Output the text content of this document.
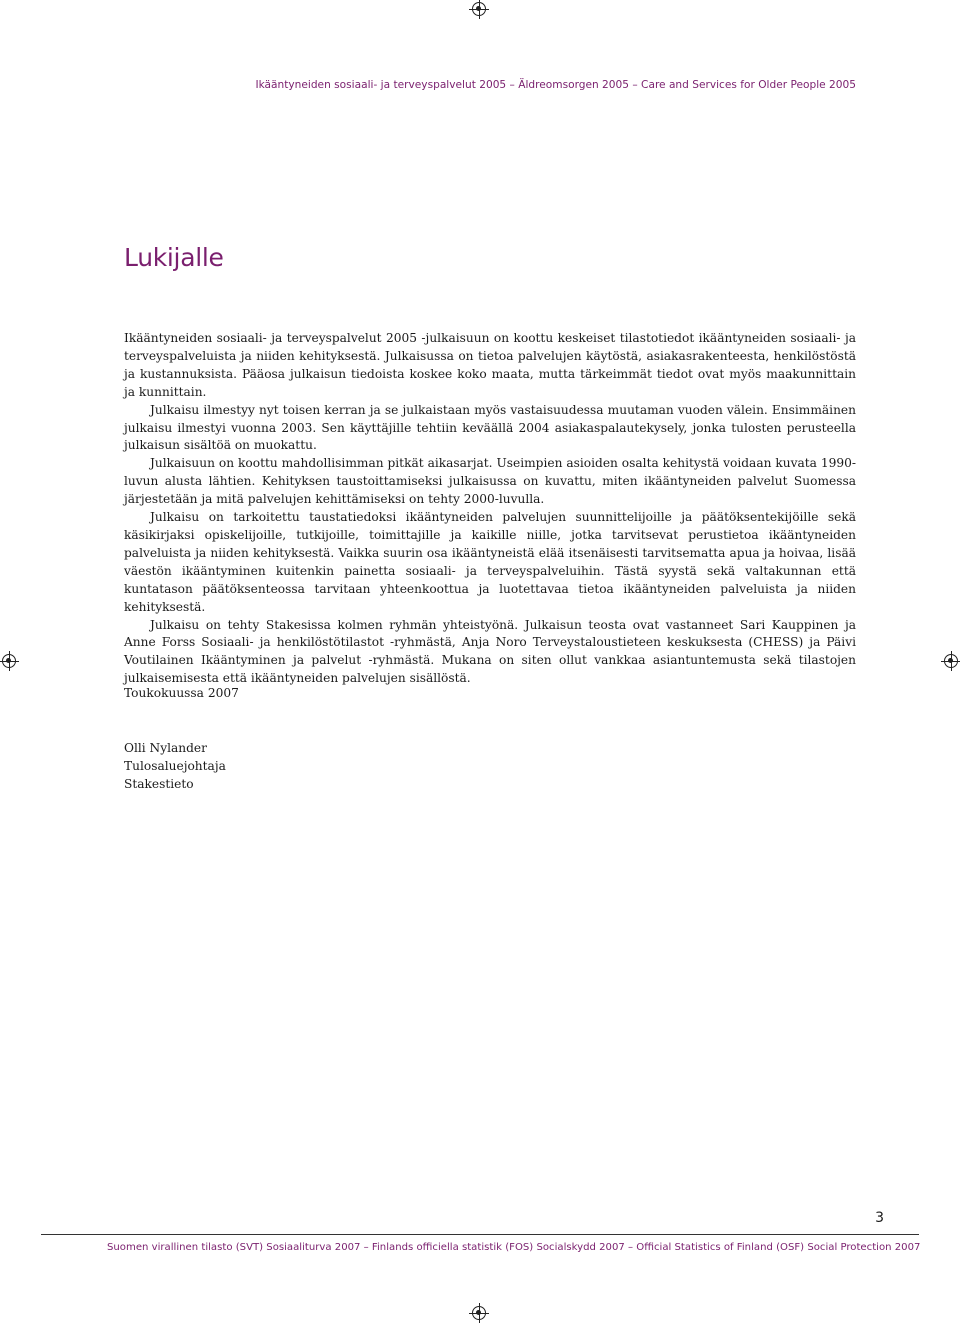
Ikääntyneiden sosiaali- ja terveyspalvelut 2005 – Äldreomsorgen 2005 – Care and Services for Older People 2005
Lukijalle

Ikääntyneiden sosiaali- ja terveyspalvelut 2005 -julkaisuun on koottu keskeiset tilastotiedot ikääntyneiden sosiaali- ja terveyspalveluista ja niiden kehityksestä. Julkaisussa on tietoa palvelujen käytöstä, asiakasrakenteesta, henkilöstöstä ja kustannuksista. Pääosa julkaisun tiedoista koskee koko maata, mutta tärkeimmät tiedot ovat myös maakunnittain ja kunnittain.

Julkaisu ilmestyy nyt toisen kerran ja se julkaistaan myös vastaisuudessa muutaman vuoden välein. Ensimmäinen julkaisu ilmestyi vuonna 2003. Sen käyttäjille tehtiin keväällä 2004 asiakaspalautekysely, jonka tulosten perusteella julkaisun sisältöä on muokattu.

Julkaisuun on koottu mahdollisimman pitkät aikasarjat. Useimpien asioiden osalta kehitystä voidaan kuvata 1990-luvun alusta lähtien. Kehityksen taustoittamiseksi julkaisussa on kuvattu, miten ikääntyneiden palvelut Suomessa järjestetään ja mitä palvelujen kehittämiseksi on tehty 2000-luvulla.

Julkaisu on tarkoitettu taustatiedoksi ikääntyneiden palvelujen suunnittelijoille ja päätöksentekijöille sekä käsikirjaksi opiskelijoille, tutkijoille, toimittajille ja kaikille niille, jotka tarvitsevat perustietoa ikääntyneiden palveluista ja niiden kehityksestä. Vaikka suurin osa ikääntyneistä elää itsenäisesti tarvitsematta apua ja hoivaa, lisää väestön ikääntyminen kuitenkin painetta sosiaali- ja terveyspalveluihin. Tästä syystä sekä valtakunnan että kuntatason päätöksenteossa tarvitaan yhteenkoottua ja luotettavaa tietoa ikääntyneiden palveluista ja niiden kehityksestä.

Julkaisu on tehty Stakesissa kolmen ryhmän yhteistyönä. Julkaisun teosta ovat vastanneet Sari Kauppinen ja Anne Forss Sosiaali- ja henkilöstötilastot -ryhmästä, Anja Noro Terveystaloustieteen keskuksesta (CHESS) ja Päivi Voutilainen Ikääntyminen ja palvelut -ryhmästä. Mukana on siten ollut vankkaa asiantuntemusta sekä tilastojen julkaisemisesta että ikääntyneiden palvelujen sisällöstä.

Toukokuussa 2007
Olli Nylander
Tulosaluejohtaja
Stakestieto
3
Suomen virallinen tilasto (SVT) Sosiaaliturva 2007 – Finlands officiella statistik (FOS) Socialskydd 2007 – Official Statistics of Finland (OSF) Social Protection 2007
